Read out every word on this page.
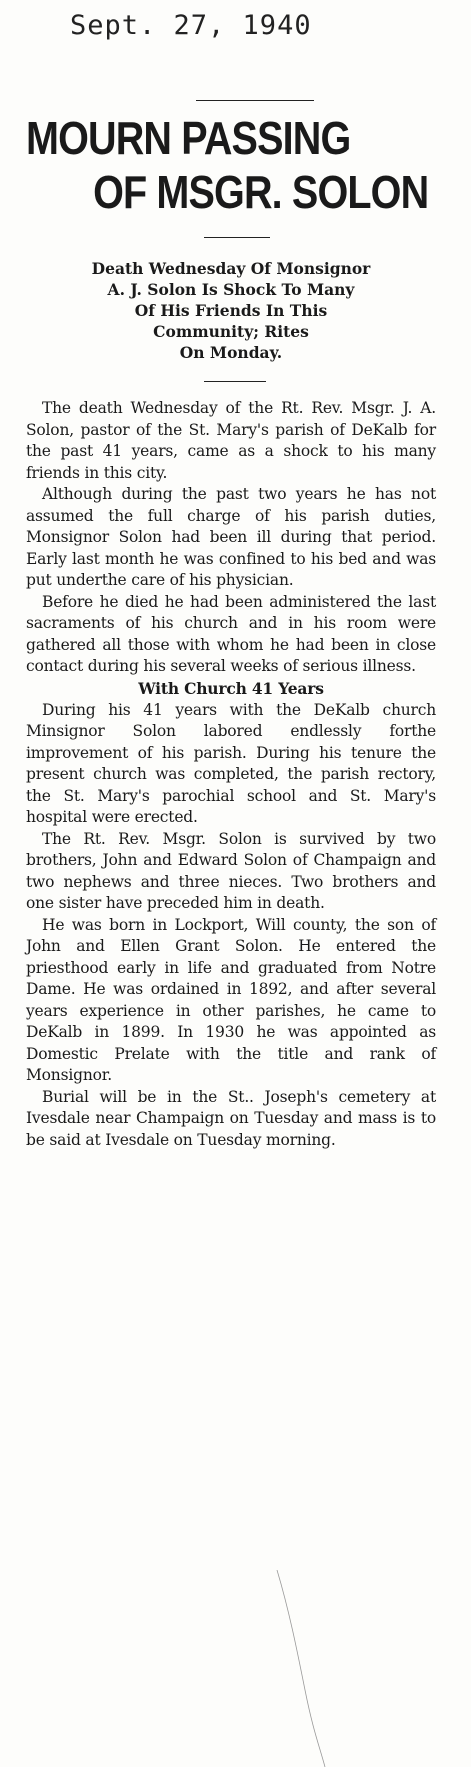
Sept. 27, 1940
MOURN PASSING
OF MSGR. SOLON
Death Wednesday Of Monsignor
A. J. Solon Is Shock To Many
Of His Friends In This
Community; Rites
On Monday.

The death Wednesday of the Rt. Rev. Msgr. J. A. Solon, pastor of the St. Mary's parish of DeKalb for the past 41 years, came as a shock to his many friends in this city.

Although during the past two years he has not assumed the full charge of his parish duties, Monsignor Solon had been ill during that period. Early last month he was confined to his bed and was put underthe care of his physician.

Before he died he had been administered the last sacraments of his church and in his room were gathered all those with whom he had been in close contact during his several weeks of serious illness.

With Church 41 Years

During his 41 years with the DeKalb church Minsignor Solon labored endlessly forthe improvement of his parish. During his tenure the present church was completed, the parish rectory, the St. Mary's parochial school and St. Mary's hospital were erected.

The Rt. Rev. Msgr. Solon is survived by two brothers, John and Edward Solon of Champaign and two nephews and three nieces. Two brothers and one sister have preceded him in death.

He was born in Lockport, Will county, the son of John and Ellen Grant Solon. He entered the priesthood early in life and graduated from Notre Dame. He was ordained in 1892, and after several years experience in other parishes, he came to DeKalb in 1899. In 1930 he was appointed as Domestic Prelate with the title and rank of Monsignor.

Burial will be in the St.. Joseph's cemetery at Ivesdale near Champaign on Tuesday and mass is to be said at Ivesdale on Tuesday morning.
